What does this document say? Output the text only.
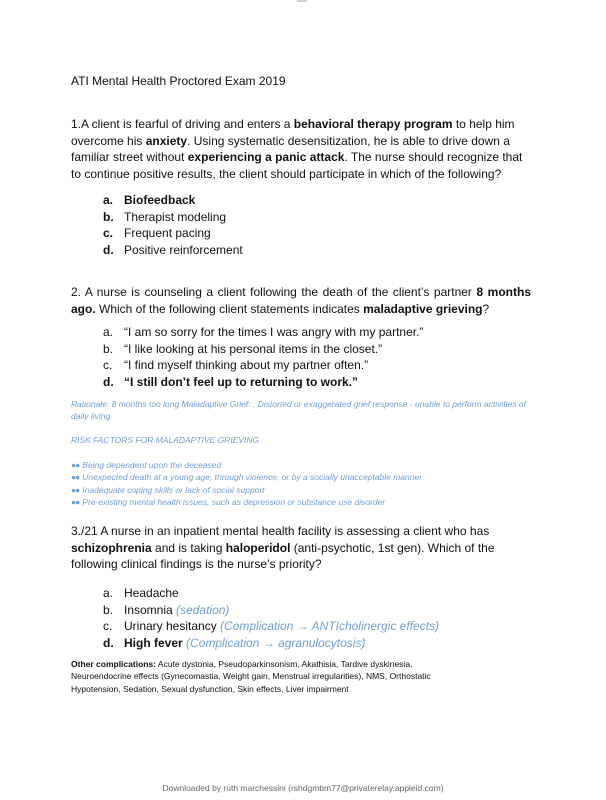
ATI Mental Health Proctored Exam 2019
1.A client is fearful of driving and enters a behavioral therapy program to help him overcome his anxiety. Using systematic desensitization, he is able to drive down a familiar street without experiencing a panic attack. The nurse should recognize that to continue positive results, the client should participate in which of the following?
a. Biofeedback
b. Therapist modeling
c. Frequent pacing
d. Positive reinforcement
2. A nurse is counseling a client following the death of the client’s partner 8 months ago. Which of the following client statements indicates maladaptive grieving?
a. “I am so sorry for the times I was angry with my partner.”
b. “I like looking at his personal items in the closet.”
c. “I find myself thinking about my partner often.”
d. “I still don’t feel up to returning to work.”
Rationale: 8 months too long Maladaptive Grief: . Distorted or exaggerated grief response - unable to perform activities of daily living.
RISK FACTORS FOR MALADAPTIVE GRIEVING
●● Being dependent upon the deceased
●● Unexpected death at a young age, through violence, or by a socially unacceptable manner
●● Inadequate coping skills or lack of social support
●● Pre-existing mental health issues, such as depression or substance use disorder
3./21 A nurse in an inpatient mental health facility is assessing a client who has schizophrenia and is taking haloperidol (anti-psychotic, 1st gen). Which of the following clinical findings is the nurse’s priority?
a. Headache
b. Insomnia
(sedation)
c. Urinary hesitancy
(Complication → ANTIcholinergic effects)
d. High fever
(Complication → agranulocytosis)
Other complications: Acute dystonia, Pseudoparkinsonism, Akathisia, Tardive dyskinesia, Neuroendocrine effects (Gynecomastia, Weight gain, Menstrual irregularities), NMS, Orthostatic Hypotension, Sedation, Sexual dysfunction, Skin effects, Liver impairment
Downloaded by ruth marchessini (rshdgmbm77@privaterelay.appleid.com)
